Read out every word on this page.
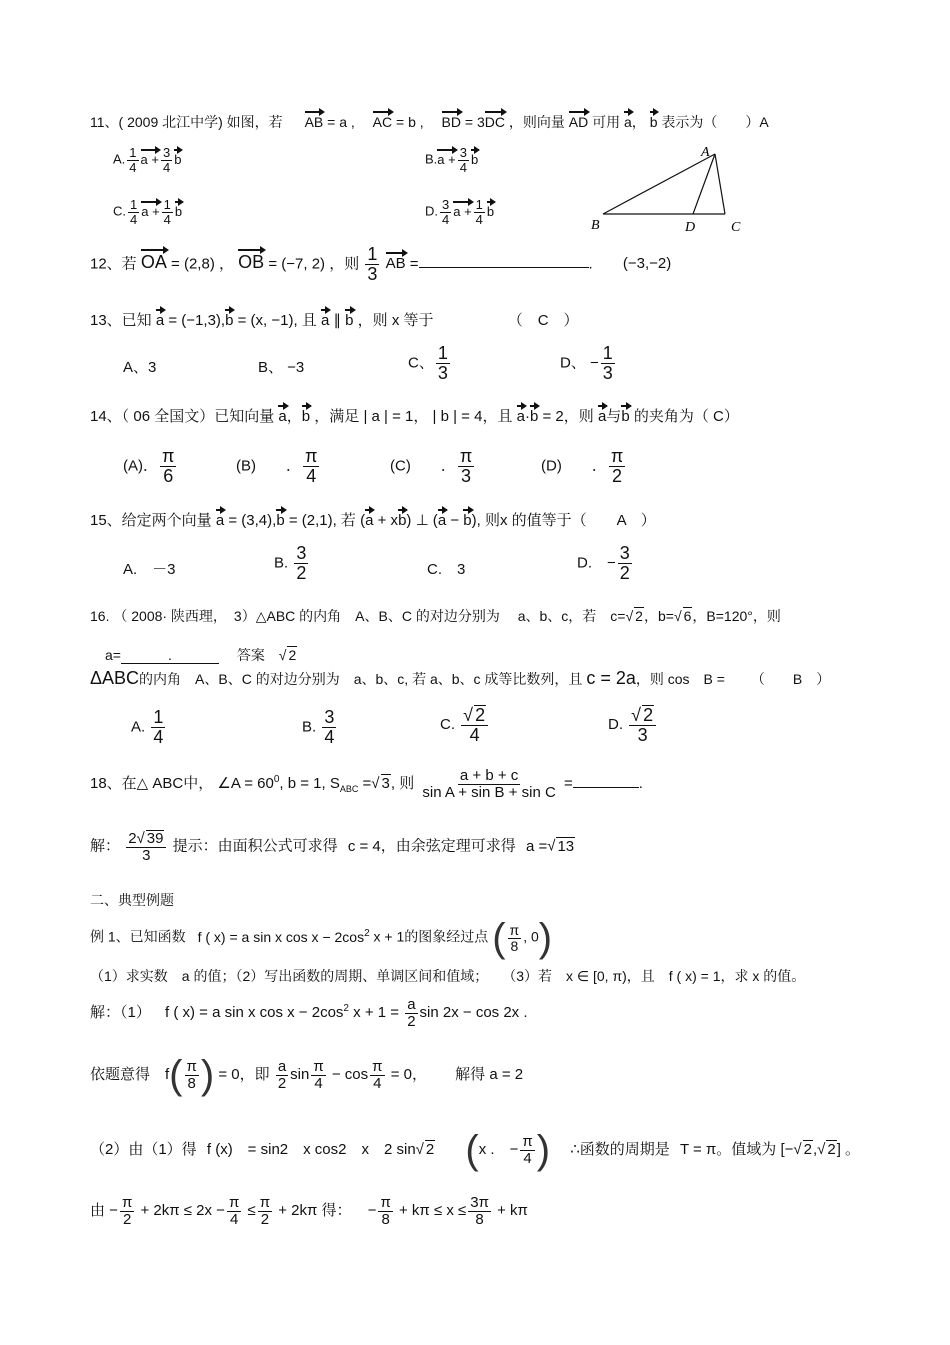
11、( 2009 北江中学) 如图，若 AB = a , AC = b , BD = 3DC ，则向量 AD 可用 a， b 表示为（　　）A
A. $\frac{1}{4}$ $a + \frac{3}{4}$ b	$B.a + \frac{3}{4}$ b
C. $\frac{1}{4}$ $a + \frac{1}{4}$ b	D. $\frac{3}{4}$ $a + \frac{1}{4}$ b
A
B	D	C
12、若 OA = (2,8) ， OB = (−7, 2) ，则 $\frac{1}{3}$ AB =	. (−3,−2)
13、已知 a = (−1,3),b = (x, −1), 且 a ∥ b ，则 x 等于	（　C　）
A、3	B、 −3	C、 $\frac{1}{3}$	D、 − $\frac{1}{3}$
14、（ 06 全国文）已知向量 a，b ，满足 | a | = 1， | b | = 4，且 a·b = 2，则 a与b 的夹角为（ C）
(A)． $\frac{\pi}{6}$	(B)　　． $\frac{\pi}{4}$	(C)　　． $\frac{\pi}{3}$	(D)　　． $\frac{\pi}{2}$
15、给定两个向量 a = (3,4),b = (2,1), 若 (a + xb) ⊥ (a − b), 则x 的值等于（　　A　）
A.　－3	B. $\frac{3}{2}$	C.　3	D.　− $\frac{3}{2}$
16. （ 2008· 陕西理，　3）△ABC 的内角　A、B、C 的对边分别为　 a、b、c，若　c=√ 2，b=√ 6，B=120°，则
a=	.	答案 √ 2
ΔABC的内角　A、B、C 的对边分别为　a、b、c, 若 a、b、c 成等比数列，且 c = 2a，则 cos　B = （　　B　）
A. $\frac{1}{4}$	B. $\frac{3}{4}$	C. $\frac{√ 2}{4}$	D. $\frac{√ 2}{3}$
18、在△ ABC中， ∠A = $60^0$, b = 1, $S_{ABC}$ =√ 3, 则 $\frac{a + b + c}{\text{sin A + sin B + sin C}}$ =	.
解： $\frac{2√ 39}{3}$ 提示：由面积公式可求得 c = 4，由余弦定理可求得 a =√ 13
二、典型例题
例 1、已知函数 f ( x) = a sin x $\cos x - 2\cos^2$ x + 1的图象经过点 ( $\frac{\pi}{8}$ , 0)
（1）求实数　a 的值；（2）写出函数的周期、单调区间和值域；　　（3）若　x ∈ [0, π)，且　f ( x) = 1，求 x 的值。
解：（1） f ( x) = a sin x $\cos x - 2\cos^2$ $x + 1 = \frac{a}{2}$ sin 2x − cos 2x .
依题意得　$f( \frac{\pi}{8}$ ) = 0，即 $\frac{a}{2}$ $\sin \frac{\pi}{4} - \cos \frac{\pi}{4} = 0$， 解得 a = 2
（2）由（1）得 f (x)　= sin2　x cos2　x　2 sin√ 2 (x .　− $\frac{\pi}{4}$ ) ∴函数的周期是 T = π。值域为 [−√ 2,√ 2] 。
由 − $\frac{\pi}{2} + 2k\pi \le 2x - \frac{\pi}{4} \le \frac{\pi}{2} + 2k\pi$ 得： − $\frac{\pi}{8} + k\pi \le x \le \frac{3\pi}{8} + k\pi$
